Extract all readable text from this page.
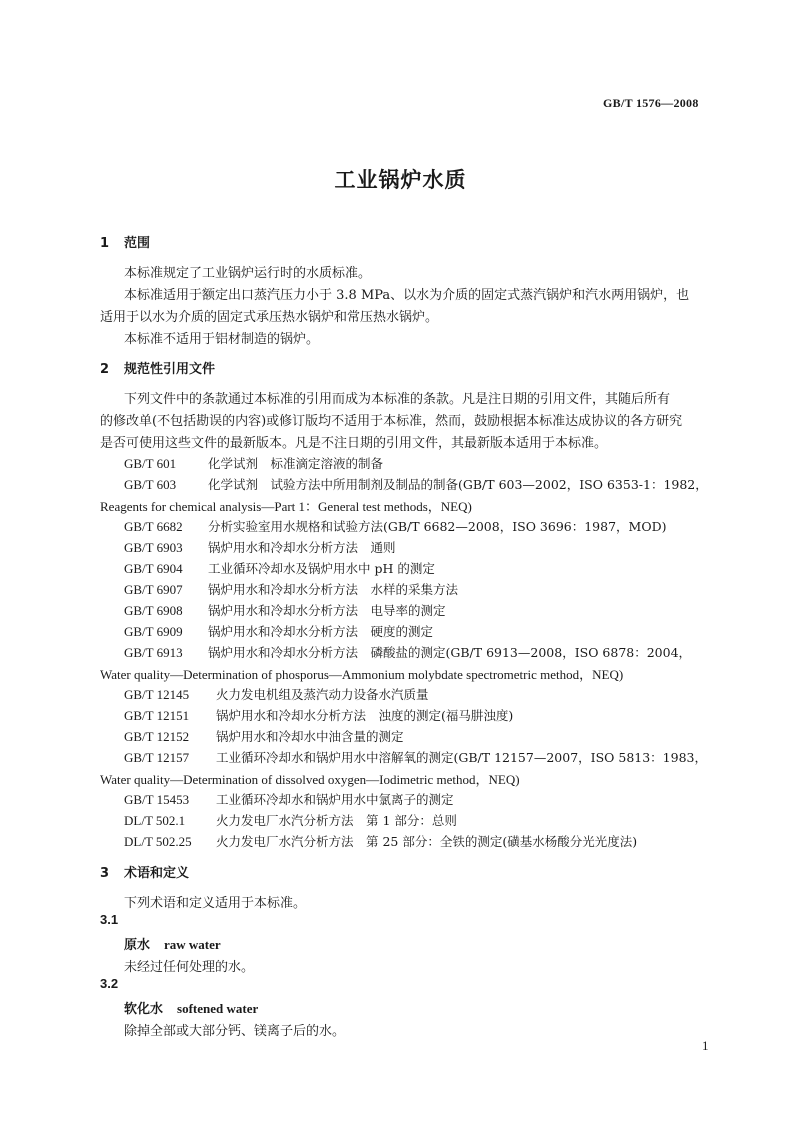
GB/T 1576—2008
工业锅炉水质
1 范围
本标准规定了工业锅炉运行时的水质标准。
本标准适用于额定出口蒸汽压力小于 3.8 MPa、以水为介质的固定式蒸汽锅炉和汽水两用锅炉，也
适用于以水为介质的固定式承压热水锅炉和常压热水锅炉。
本标准不适用于铝材制造的锅炉。
2 规范性引用文件
下列文件中的条款通过本标准的引用而成为本标准的条款。凡是注日期的引用文件，其随后所有
的修改单(不包括勘误的内容)或修订版均不适用于本标准，然而，鼓励根据本标准达成协议的各方研究
是否可使用这些文件的最新版本。凡是不注日期的引用文件，其最新版本适用于本标准。
GB/T 601	化学试剂　标准滴定溶液的制备
GB/T 603	化学试剂　试验方法中所用制剂及制品的制备(GB/T 603—2002，ISO 6353-1：1982，
Reagents for chemical analysis—Part 1：General test methods，NEQ)
GB/T 6682 分析实验室用水规格和试验方法(GB/T 6682—2008，ISO 3696：1987，MOD)
GB/T 6903 锅炉用水和冷却水分析方法　通则
GB/T 6904 工业循环冷却水及锅炉用水中 pH 的测定
GB/T 6907 锅炉用水和冷却水分析方法　水样的采集方法
GB/T 6908 锅炉用水和冷却水分析方法　电导率的测定
GB/T 6909 锅炉用水和冷却水分析方法　硬度的测定
GB/T 6913 锅炉用水和冷却水分析方法　磷酸盐的测定(GB/T 6913—2008，ISO 6878：2004，
Water quality—Determination of phosporus—Ammonium molybdate spectrometric method，NEQ)
GB/T 12145 火力发电机组及蒸汽动力设备水汽质量
GB/T 12151 锅炉用水和冷却水分析方法　浊度的测定(福马肼浊度)
GB/T 12152 锅炉用水和冷却水中油含量的测定
GB/T 12157 工业循环冷却水和锅炉用水中溶解氧的测定(GB/T 12157—2007，ISO 5813：1983，
Water quality—Determination of dissolved oxygen—Iodimetric method，NEQ)
GB/T 15453 工业循环冷却水和锅炉用水中氯离子的测定
DL/T 502.1 火力发电厂水汽分析方法　第 1 部分：总则
DL/T 502.25 火力发电厂水汽分析方法　第 25 部分：全铁的测定(磺基水杨酸分光光度法)
3 术语和定义
下列术语和定义适用于本标准。
3.1
原水 raw water
未经过任何处理的水。
3.2
软化水 softened water
除掉全部或大部分钙、镁离子后的水。
1
